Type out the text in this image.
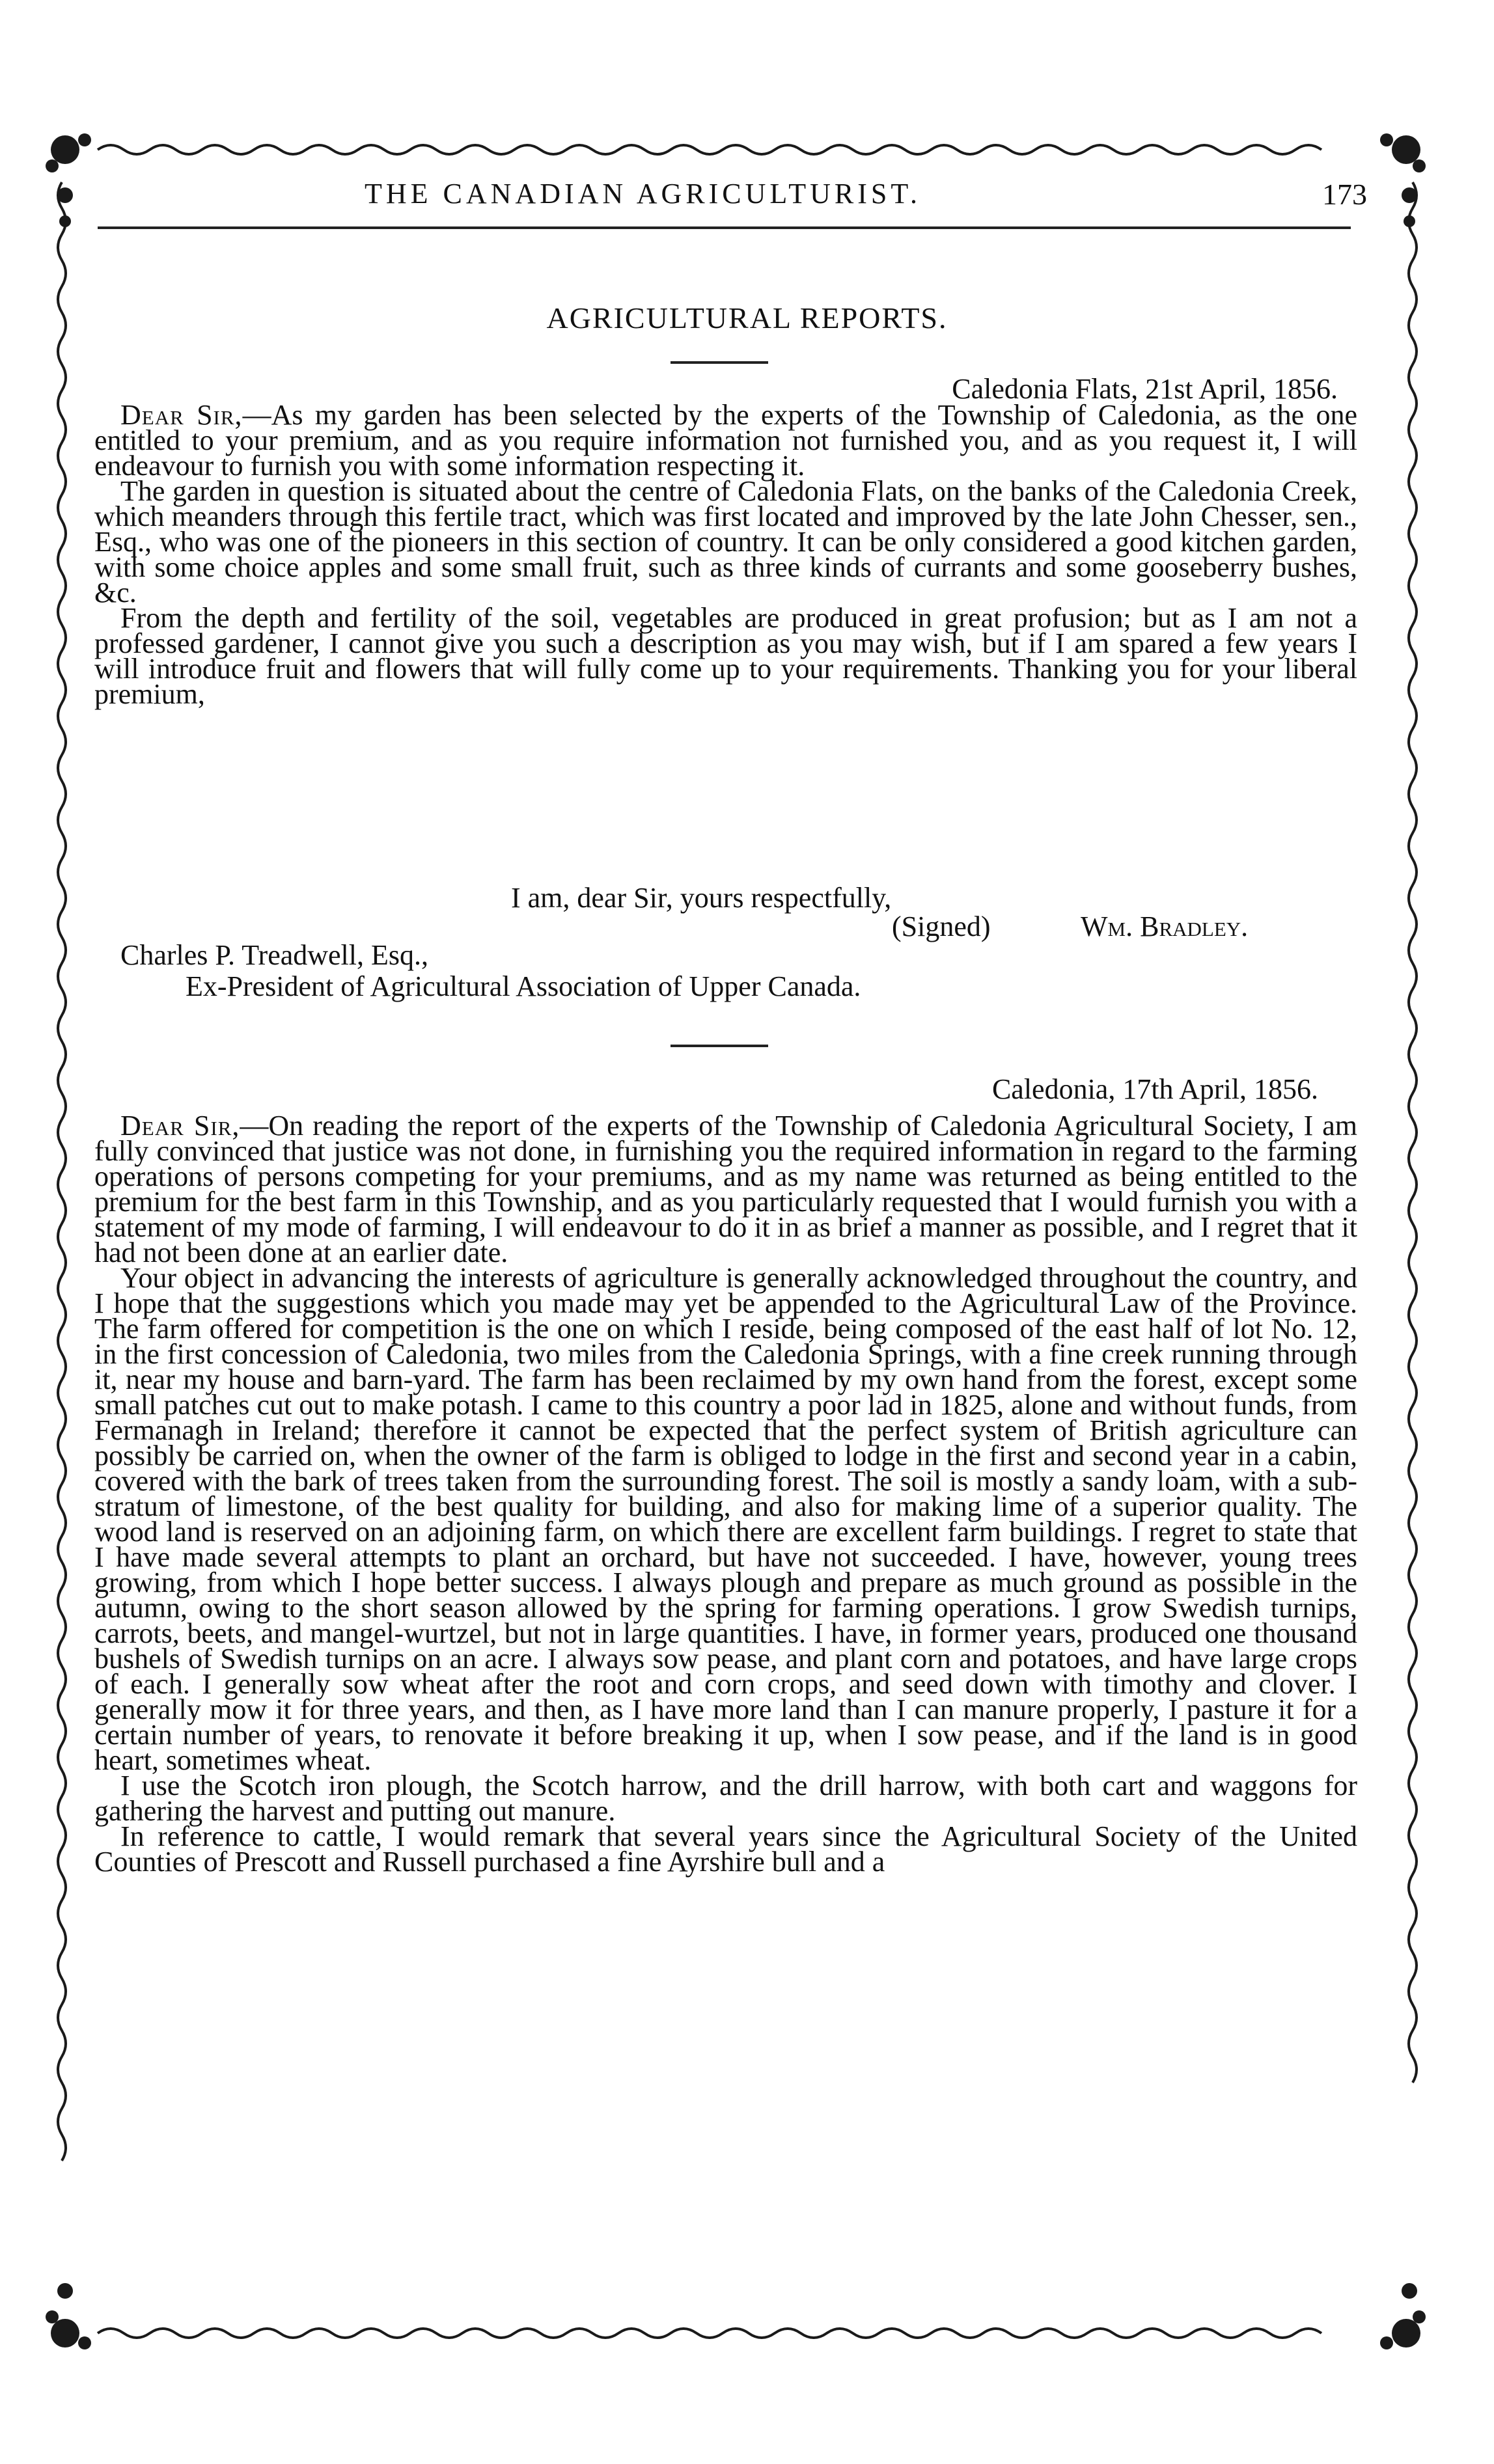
THE CANADIAN AGRICULTURIST.	173
AGRICULTURAL REPORTS.
Caledonia Flats, 21st April, 1856.

Dear Sir,—As my garden has been selected by the experts of the Township of Caledonia, as the one entitled to your premium, and as you require information not furnished you, and as you request it, I will endeavour to furnish you with some information respecting it.

The garden in question is situated about the centre of Caledonia Flats, on the banks of the Caledonia Creek, which meanders through this fertile tract, which was first located and improved by the late John Chesser, sen., Esq., who was one of the pioneers in this section of country. It can be only considered a good kitchen garden, with some choice apples and some small fruit, such as three kinds of currants and some gooseberry bushes, &c.

From the depth and fertility of the soil, vegetables are produced in great profusion; but as I am not a professed gardener, I cannot give you such a description as you may wish, but if I am spared a few years I will introduce fruit and flowers that will fully come up to your requirements. Thanking you for your liberal premium,

I am, dear Sir, yours respectfully,
(Signed)	Wm. Bradley.
Charles P. Treadwell, Esq.,
Ex-President of Agricultural Association of Upper Canada.
Caledonia, 17th April, 1856.

Dear Sir,—On reading the report of the experts of the Township of Caledonia Agricultural Society, I am fully convinced that justice was not done, in furnishing you the required information in regard to the farming operations of persons competing for your premiums, and as my name was returned as being entitled to the premium for the best farm in this Township, and as you particularly requested that I would furnish you with a statement of my mode of farming, I will endeavour to do it in as brief a manner as possible, and I regret that it had not been done at an earlier date.

Your object in advancing the interests of agriculture is generally acknowledged throughout the country, and I hope that the suggestions which you made may yet be appended to the Agricultural Law of the Province. The farm offered for competition is the one on which I reside, being composed of the east half of lot No. 12, in the first concession of Caledonia, two miles from the Caledonia Springs, with a fine creek running through it, near my house and barn-yard. The farm has been reclaimed by my own hand from the forest, except some small patches cut out to make potash. I came to this country a poor lad in 1825, alone and without funds, from Fermanagh in Ireland; therefore it cannot be expected that the perfect system of British agriculture can possibly be carried on, when the owner of the farm is obliged to lodge in the first and second year in a cabin, covered with the bark of trees taken from the surrounding forest. The soil is mostly a sandy loam, with a sub-stratum of limestone, of the best quality for building, and also for making lime of a superior quality. The wood land is reserved on an adjoining farm, on which there are excellent farm buildings. I regret to state that I have made several attempts to plant an orchard, but have not succeeded. I have, however, young trees growing, from which I hope better success. I always plough and prepare as much ground as possible in the autumn, owing to the short season allowed by the spring for farming operations. I grow Swedish turnips, carrots, beets, and mangel-wurtzel, but not in large quantities. I have, in former years, produced one thousand bushels of Swedish turnips on an acre. I always sow pease, and plant corn and potatoes, and have large crops of each. I generally sow wheat after the root and corn crops, and seed down with timothy and clover. I generally mow it for three years, and then, as I have more land than I can manure properly, I pasture it for a certain number of years, to renovate it before breaking it up, when I sow pease, and if the land is in good heart, sometimes wheat.

I use the Scotch iron plough, the Scotch harrow, and the drill harrow, with both cart and waggons for gathering the harvest and putting out manure.

In reference to cattle, I would remark that several years since the Agricultural Society of the United Counties of Prescott and Russell purchased a fine Ayrshire bull and a
